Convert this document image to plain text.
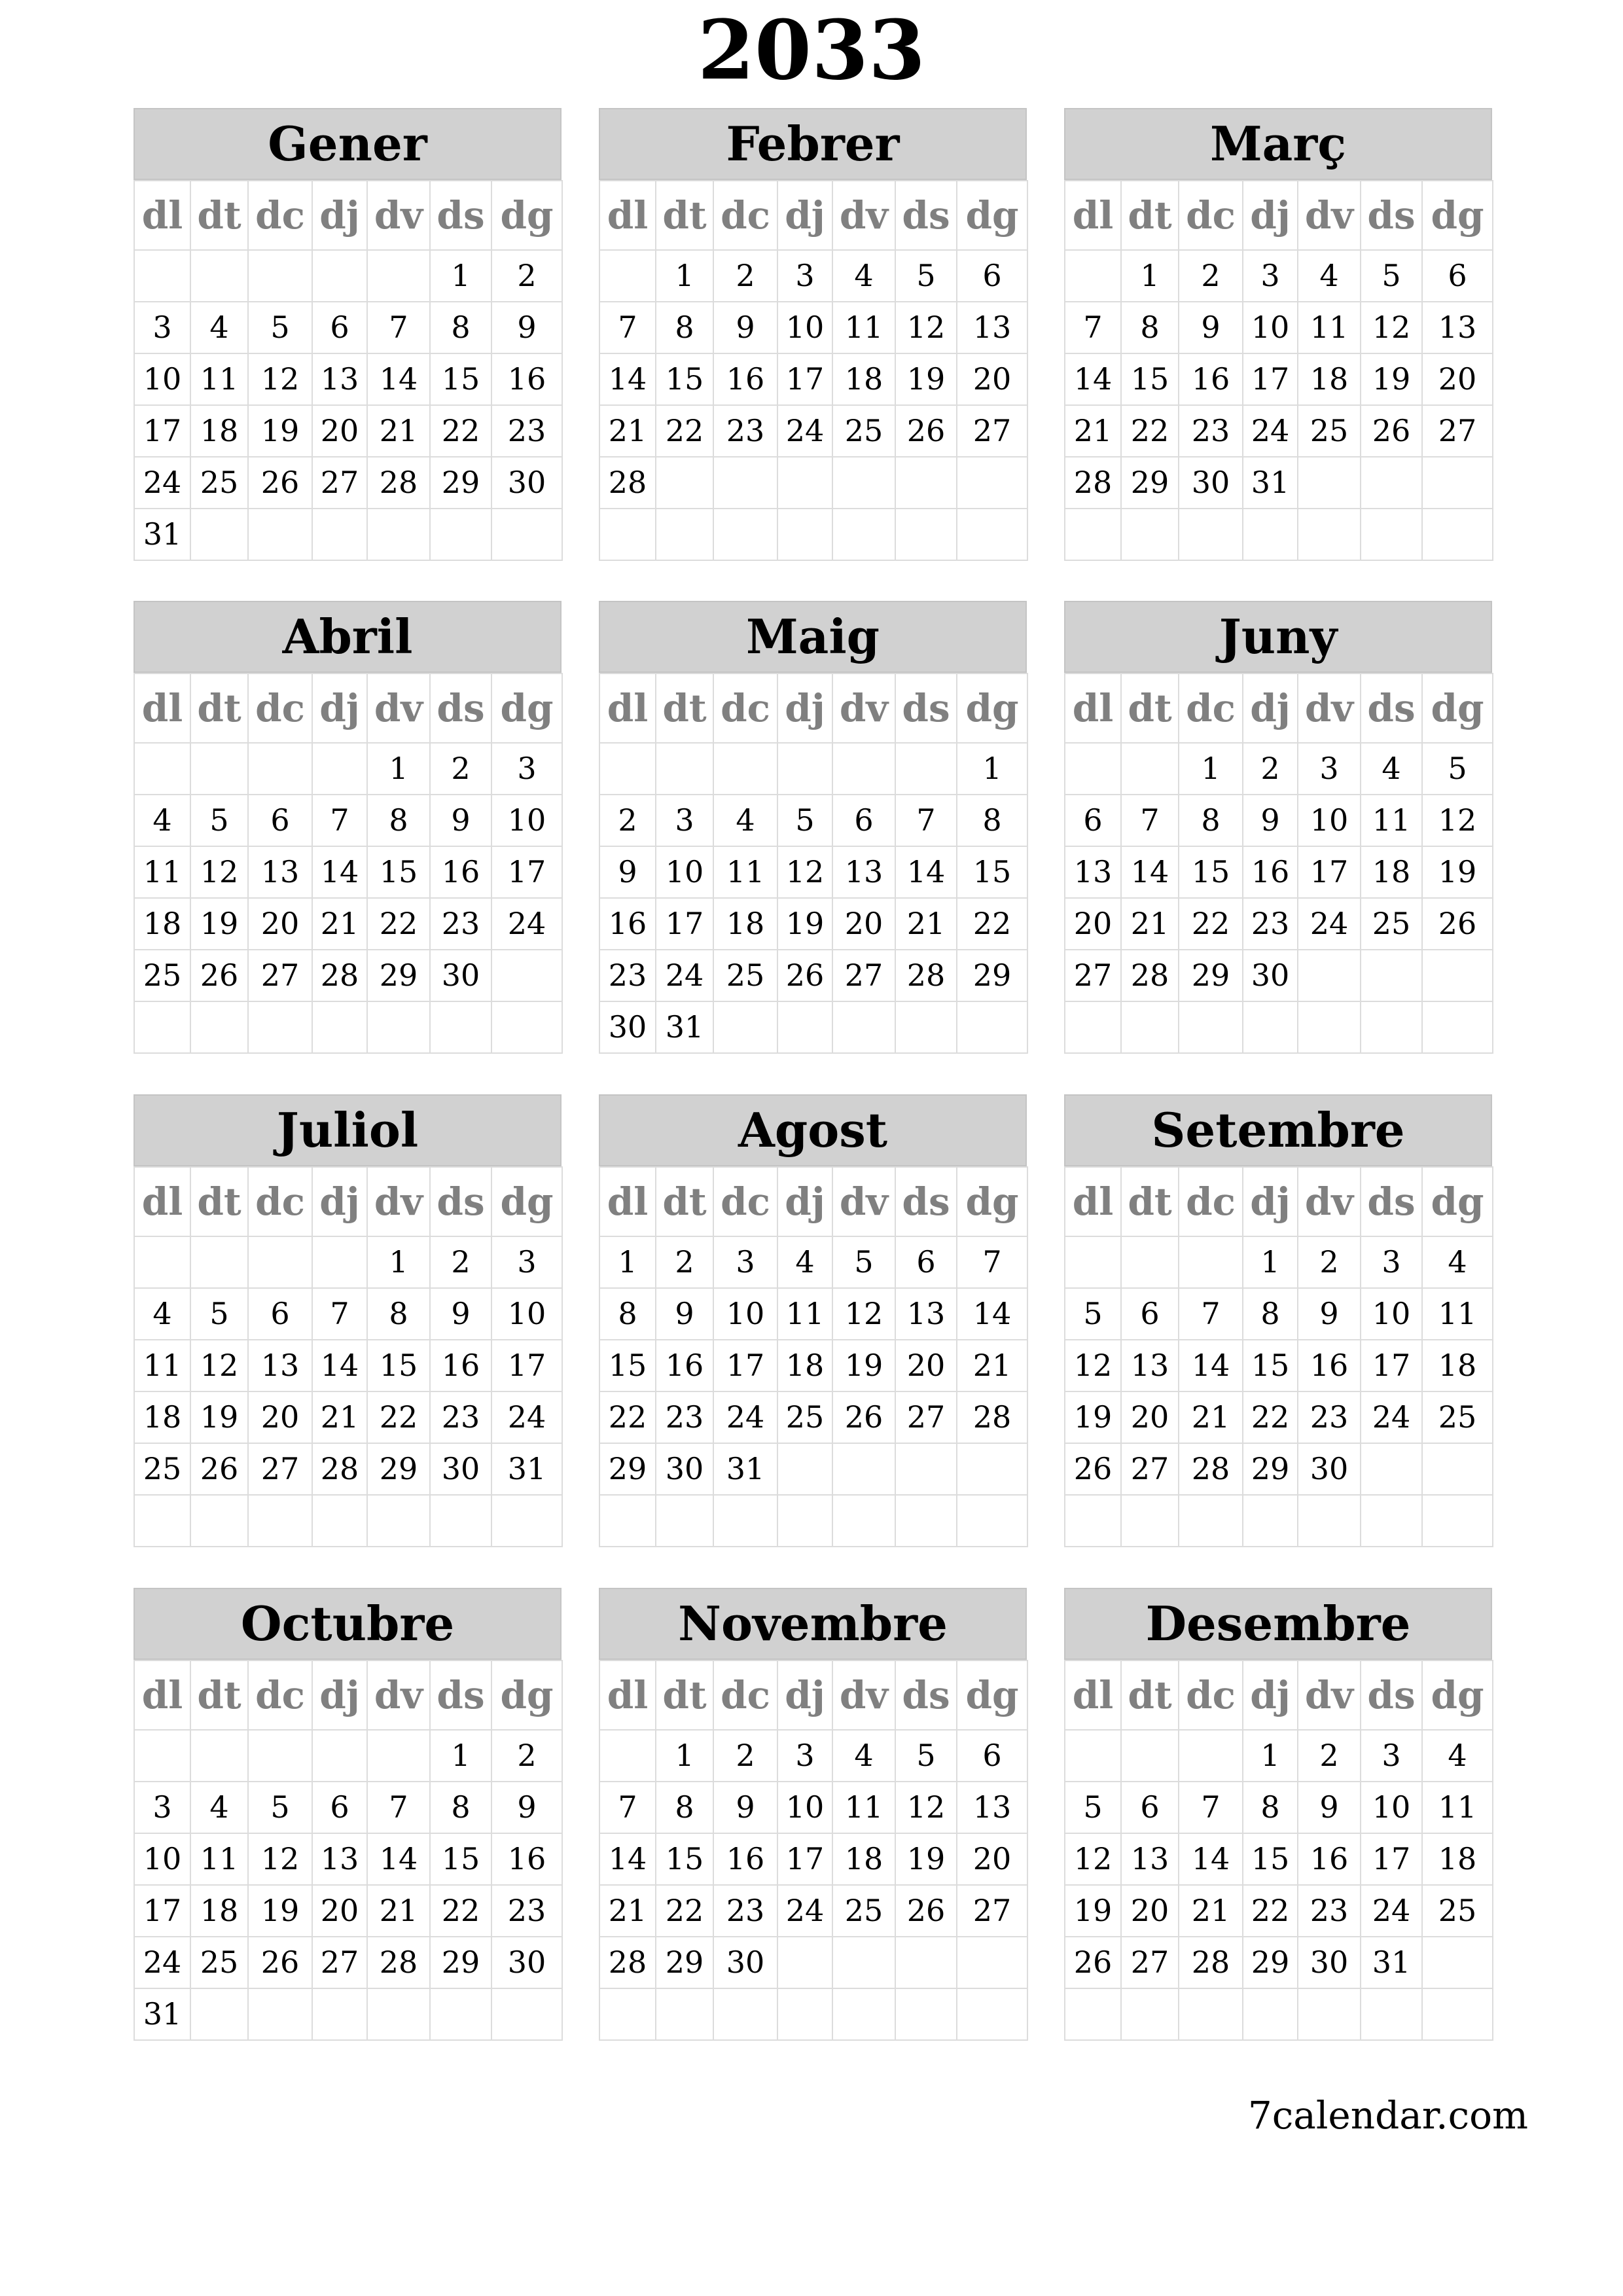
2033
Gener
dl	dt	dc	dj	dv	ds	dg
					1	2
3	4	5	6	7	8	9
10	11	12	13	14	15	16
17	18	19	20	21	22	23
24	25	26	27	28	29	30
31						
Febrer
dl	dt	dc	dj	dv	ds	dg
	1	2	3	4	5	6
7	8	9	10	11	12	13
14	15	16	17	18	19	20
21	22	23	24	25	26	27
28						

Març
dl	dt	dc	dj	dv	ds	dg
	1	2	3	4	5	6
7	8	9	10	11	12	13
14	15	16	17	18	19	20
21	22	23	24	25	26	27
28	29	30	31			

Abril
dl	dt	dc	dj	dv	ds	dg
				1	2	3
4	5	6	7	8	9	10
11	12	13	14	15	16	17
18	19	20	21	22	23	24
25	26	27	28	29	30	

Maig
dl	dt	dc	dj	dv	ds	dg
						1
2	3	4	5	6	7	8
9	10	11	12	13	14	15
16	17	18	19	20	21	22
23	24	25	26	27	28	29
30	31					
Juny
dl	dt	dc	dj	dv	ds	dg
		1	2	3	4	5
6	7	8	9	10	11	12
13	14	15	16	17	18	19
20	21	22	23	24	25	26
27	28	29	30			

Juliol
dl	dt	dc	dj	dv	ds	dg
				1	2	3
4	5	6	7	8	9	10
11	12	13	14	15	16	17
18	19	20	21	22	23	24
25	26	27	28	29	30	31

Agost
dl	dt	dc	dj	dv	ds	dg
1	2	3	4	5	6	7
8	9	10	11	12	13	14
15	16	17	18	19	20	21
22	23	24	25	26	27	28
29	30	31				

Setembre
dl	dt	dc	dj	dv	ds	dg
			1	2	3	4
5	6	7	8	9	10	11
12	13	14	15	16	17	18
19	20	21	22	23	24	25
26	27	28	29	30		

Octubre
dl	dt	dc	dj	dv	ds	dg
					1	2
3	4	5	6	7	8	9
10	11	12	13	14	15	16
17	18	19	20	21	22	23
24	25	26	27	28	29	30
31						
Novembre
dl	dt	dc	dj	dv	ds	dg
	1	2	3	4	5	6
7	8	9	10	11	12	13
14	15	16	17	18	19	20
21	22	23	24	25	26	27
28	29	30				

Desembre
dl	dt	dc	dj	dv	ds	dg
			1	2	3	4
5	6	7	8	9	10	11
12	13	14	15	16	17	18
19	20	21	22	23	24	25
26	27	28	29	30	31	

7calendar.com
